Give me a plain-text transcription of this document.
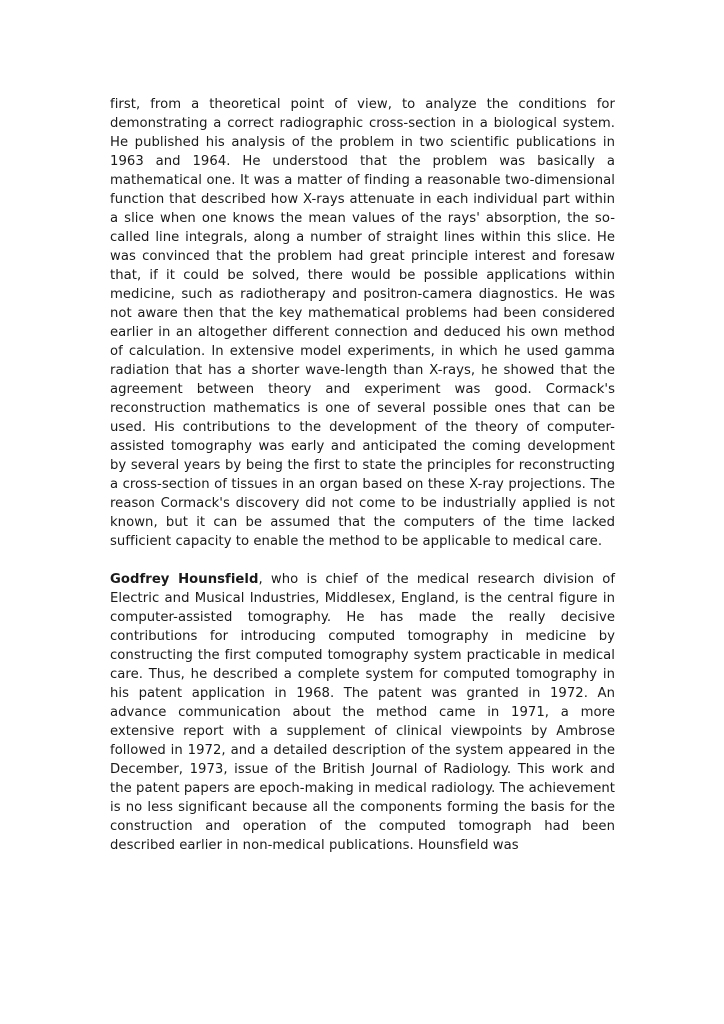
first, from a theoretical point of view, to analyze the conditions for demonstrating a correct radiographic cross-section in a biological system. He published his analysis of the problem in two scientific publications in 1963 and 1964. He understood that the problem was basically a mathematical one. It was a matter of finding a reasonable two-dimensional function that described how X-rays attenuate in each individual part within a slice when one knows the mean values of the rays' absorption, the so-called line integrals, along a number of straight lines within this slice. He was convinced that the problem had great principle interest and foresaw that, if it could be solved, there would be possible applications within medicine, such as radiotherapy and positron-camera diagnostics. He was not aware then that the key mathematical problems had been considered earlier in an altogether different connection and deduced his own method of calculation. In extensive model experiments, in which he used gamma radiation that has a shorter wave-length than X-rays, he showed that the agreement between theory and experiment was good. Cormack's reconstruction mathematics is one of several possible ones that can be used. His contributions to the development of the theory of computer-assisted tomography was early and anticipated the coming development by several years by being the first to state the principles for reconstructing a cross-section of tissues in an organ based on these X-ray projections. The reason Cormack's discovery did not come to be industrially applied is not known, but it can be assumed that the computers of the time lacked sufficient capacity to enable the method to be applicable to medical care.

Godfrey Hounsfield, who is chief of the medical research division of Electric and Musical Industries, Middlesex, England, is the central figure in computer-assisted tomography. He has made the really decisive contributions for introducing computed tomography in medicine by constructing the first computed tomography system practicable in medical care. Thus, he described a complete system for computed tomography in his patent application in 1968. The patent was granted in 1972. An advance communication about the method came in 1971, a more extensive report with a supplement of clinical viewpoints by Ambrose followed in 1972, and a detailed description of the system appeared in the December, 1973, issue of the British Journal of Radiology. This work and the patent papers are epoch-making in medical radiology. The achievement is no less significant because all the components forming the basis for the construction and operation of the computed tomograph had been described earlier in non-medical publications. Hounsfield was
